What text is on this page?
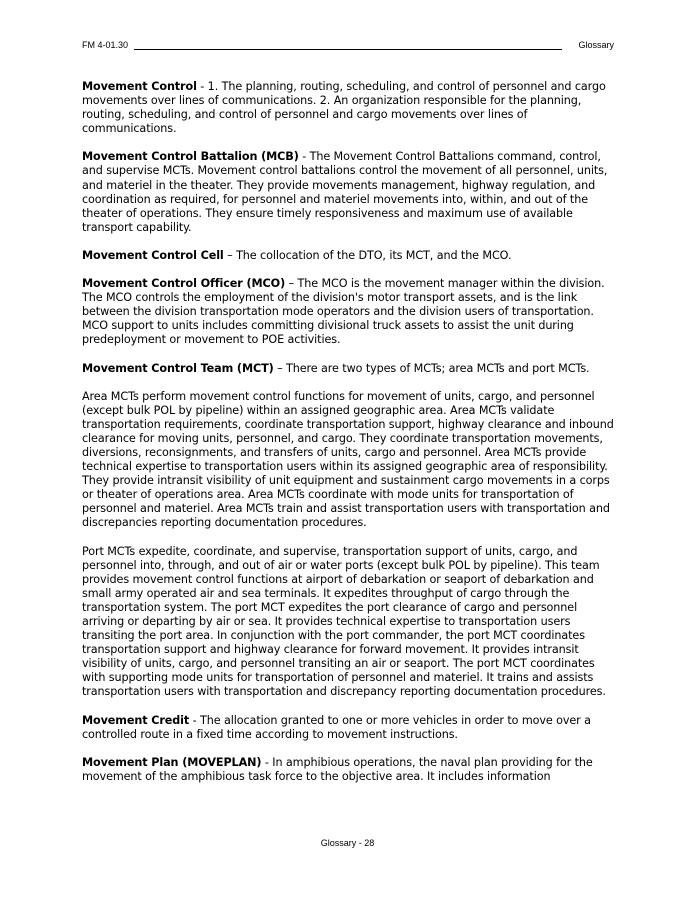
FM 4-01.30	Glossary

Movement Control - 1. The planning, routing, scheduling, and control of personnel and cargo movements over lines of communications. 2. An organization responsible for the planning, routing, scheduling, and control of personnel and cargo movements over lines of communications.

Movement Control Battalion (MCB) - The Movement Control Battalions command, control, and supervise MCTs. Movement control battalions control the movement of all personnel, units, and materiel in the theater. They provide movements management, highway regulation, and coordination as required, for personnel and materiel movements into, within, and out of the theater of operations. They ensure timely responsiveness and maximum use of available transport capability.

Movement Control Cell – The collocation of the DTO, its MCT, and the MCO.

Movement Control Officer (MCO) – The MCO is the movement manager within the division. The MCO controls the employment of the division's motor transport assets, and is the link between the division transportation mode operators and the division users of transportation. MCO support to units includes committing divisional truck assets to assist the unit during predeployment or movement to POE activities.

Movement Control Team (MCT) – There are two types of MCTs; area MCTs and port MCTs.

Area MCTs perform movement control functions for movement of units, cargo, and personnel (except bulk POL by pipeline) within an assigned geographic area. Area MCTs validate transportation requirements, coordinate transportation support, highway clearance and inbound clearance for moving units, personnel, and cargo. They coordinate transportation movements, diversions, reconsignments, and transfers of units, cargo and personnel. Area MCTs provide technical expertise to transportation users within its assigned geographic area of responsibility. They provide intransit visibility of unit equipment and sustainment cargo movements in a corps or theater of operations area. Area MCTs coordinate with mode units for transportation of personnel and materiel. Area MCTs train and assist transportation users with transportation and discrepancies reporting documentation procedures.

Port MCTs expedite, coordinate, and supervise, transportation support of units, cargo, and personnel into, through, and out of air or water ports (except bulk POL by pipeline). This team provides movement control functions at airport of debarkation or seaport of debarkation and small army operated air and sea terminals. It expedites throughput of cargo through the transportation system. The port MCT expedites the port clearance of cargo and personnel arriving or departing by air or sea. It provides technical expertise to transportation users transiting the port area. In conjunction with the port commander, the port MCT coordinates transportation support and highway clearance for forward movement. It provides intransit visibility of units, cargo, and personnel transiting an air or seaport. The port MCT coordinates with supporting mode units for transportation of personnel and materiel. It trains and assists transportation users with transportation and discrepancy reporting documentation procedures.

Movement Credit - The allocation granted to one or more vehicles in order to move over a controlled route in a fixed time according to movement instructions.

Movement Plan (MOVEPLAN) - In amphibious operations, the naval plan providing for the movement of the amphibious task force to the objective area. It includes information

Glossary - 28
